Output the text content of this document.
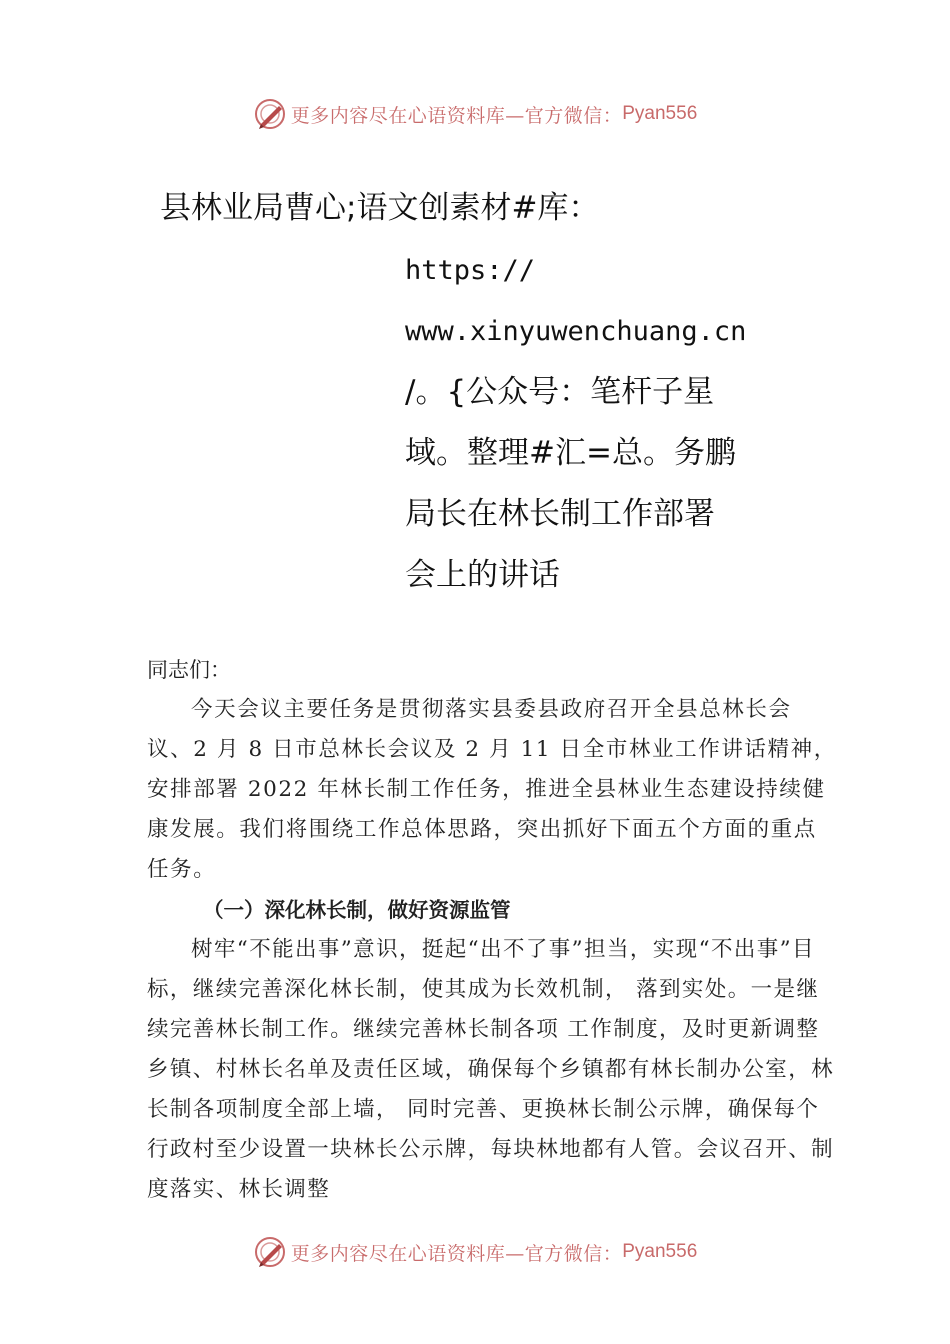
更多内容尽在心语资料库—官方微信： Pyan556
县林业局曹心;语文创素材#库：
https://
www.xinyuwenchuang.cn
/。{公众号：笔杆子星
域。整理#汇=总。务鹏
局长在林长制工作部署
会上的讲话

同志们：

今天会议主要任务是贯彻落实县委县政府召开全县总林长会议、2 月 8 日市总林长会议及 2 月 11 日全市林业工作讲话精神，安排部署 2022 年林长制工作任务，推进全县林业生态建设持续健康发展。我们将围绕工作总体思路，突出抓好下面五个方面的重点任务。

（一）深化林长制，做好资源监管

树牢“不能出事”意识，挺起“出不了事”担当，实现“不出事”目标，继续完善深化林长制，使其成为长效机制， 落到实处。一是继续完善林长制工作。继续完善林长制各项 工作制度，及时更新调整乡镇、村林长名单及责任区域，确保每个乡镇都有林长制办公室，林长制各项制度全部上墙， 同时完善、更换林长制公示牌，确保每个行政村至少设置一块林长公示牌，每块林地都有人管。会议召开、制度落实、林长调整

更多内容尽在心语资料库—官方微信： Pyan556
